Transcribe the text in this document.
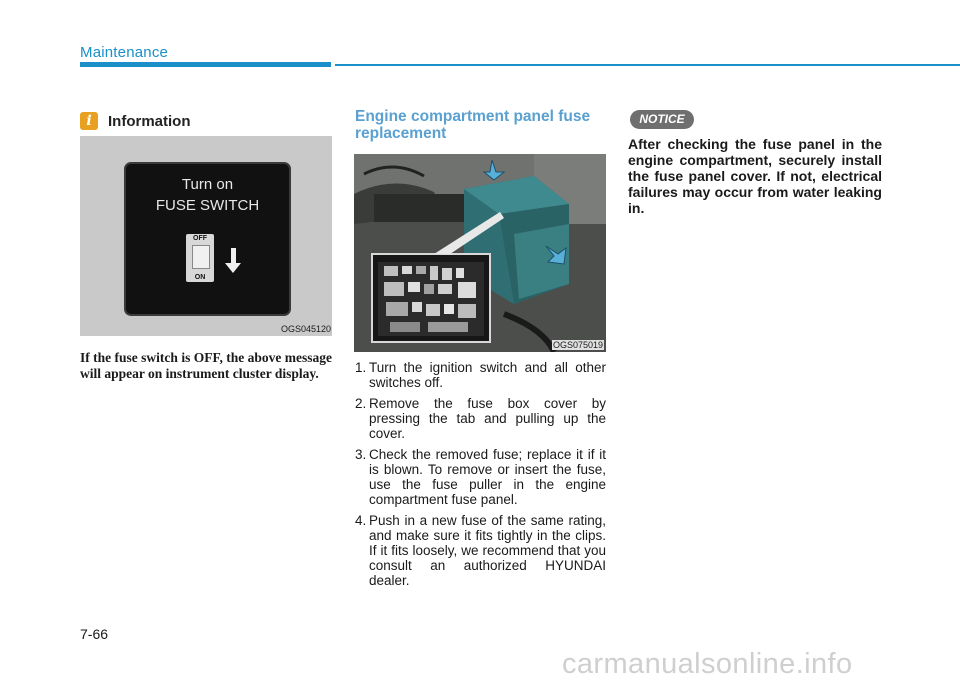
Maintenance
i	Information
Turn on
FUSE SWITCH
OFF
ON
OGS045120
If the fuse switch is OFF, the above message will appear on instrument cluster display.
Engine compartment panel fuse replacement
OGS075019
1. Turn the ignition switch and all other switches off.
2. Remove the fuse box cover by pressing the tab and pulling up the cover.
3. Check the removed fuse; replace it if it is blown. To remove or insert the fuse, use the fuse puller in the engine compartment fuse panel.
4. Push in a new fuse of the same rating, and make sure it fits tightly in the clips. If it fits loosely, we recommend that you consult an authorized HYUNDAI dealer.
NOTICE
After checking the fuse panel in the engine compartment, securely install the fuse panel cover. If not, electrical failures may occur from water leaking in.
7-66
carmanualsonline.info
